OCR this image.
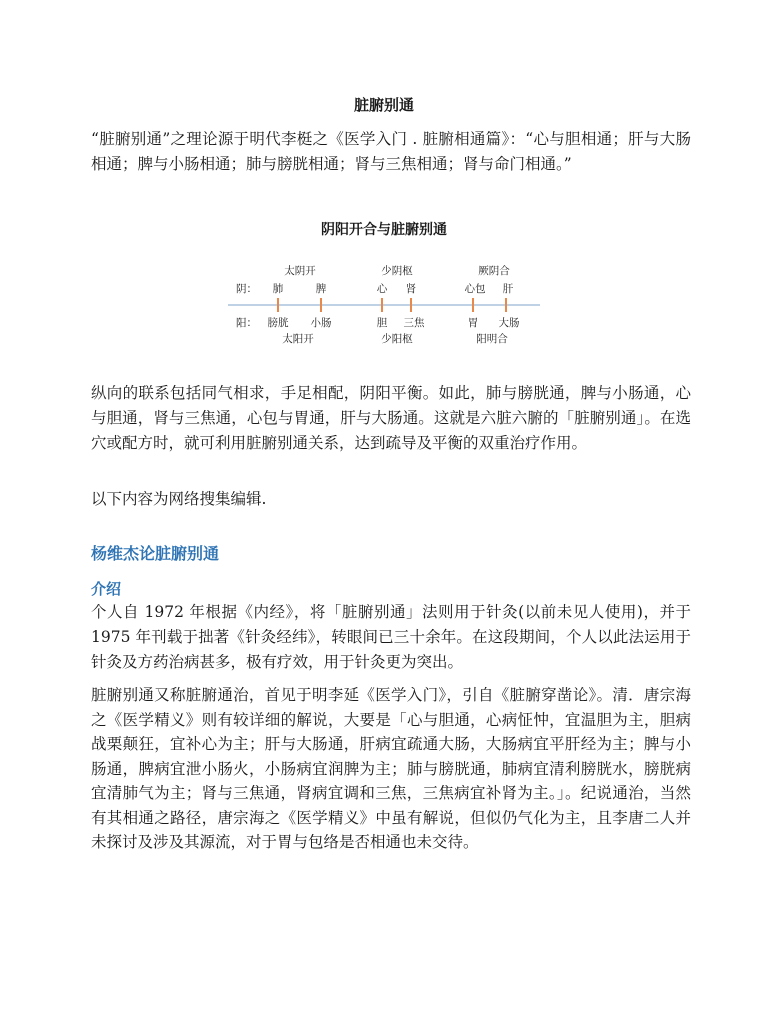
脏腑别通

“脏腑别通”之理论源于明代李梃之《医学入门 . 脏腑相通篇》：“心与胆相通；肝与大肠相通；脾与小肠相通；肺与膀胱相通；肾与三焦相通；肾与命门相通。”

阴阳开合与脏腑别通
阴：
阳：
太阴开
肺	脾
膀胱 小肠
太阳开
少阴枢
心 肾
胆 三焦
少阳枢
厥阴合
心包 肝
胃 大肠
阳明合

纵向的联系包括同气相求，手足相配，阴阳平衡。如此，肺与膀胱通，脾与小肠通，心与胆通，肾与三焦通，心包与胃通，肝与大肠通。这就是六脏六腑的「脏腑别通」。在选穴或配方时，就可利用脏腑别通关系，达到疏导及平衡的双重治疗作用。

以下内容为网络搜集编辑.

杨维杰论脏腑别通
介绍

个人自 1972 年根据《内经》，将「脏腑别通」法则用于针灸(以前未见人使用)，并于 1975 年刊载于拙著《针灸经纬》，转眼间已三十余年。在这段期间，个人以此法运用于针灸及方药治病甚多，极有疗效，用于针灸更为突出。

脏腑别通又称脏腑通治，首见于明李延《医学入门》，引自《脏腑穿凿论》。清．唐宗海之《医学精义》则有较详细的解说，大要是「心与胆通，心病怔忡，宜温胆为主，胆病战栗颠狂，宜补心为主；肝与大肠通，肝病宜疏通大肠，大肠病宜平肝经为主；脾与小肠通，脾病宜泄小肠火，小肠病宜润脾为主；肺与膀胱通，肺病宜清利膀胱水，膀胱病宜清肺气为主；肾与三焦通，肾病宜调和三焦，三焦病宜补肾为主。」。纪说通治，当然有其相通之路径，唐宗海之《医学精义》中虽有解说，但似仍气化为主，且李唐二人并未探讨及涉及其源流，对于胃与包络是否相通也未交待。
